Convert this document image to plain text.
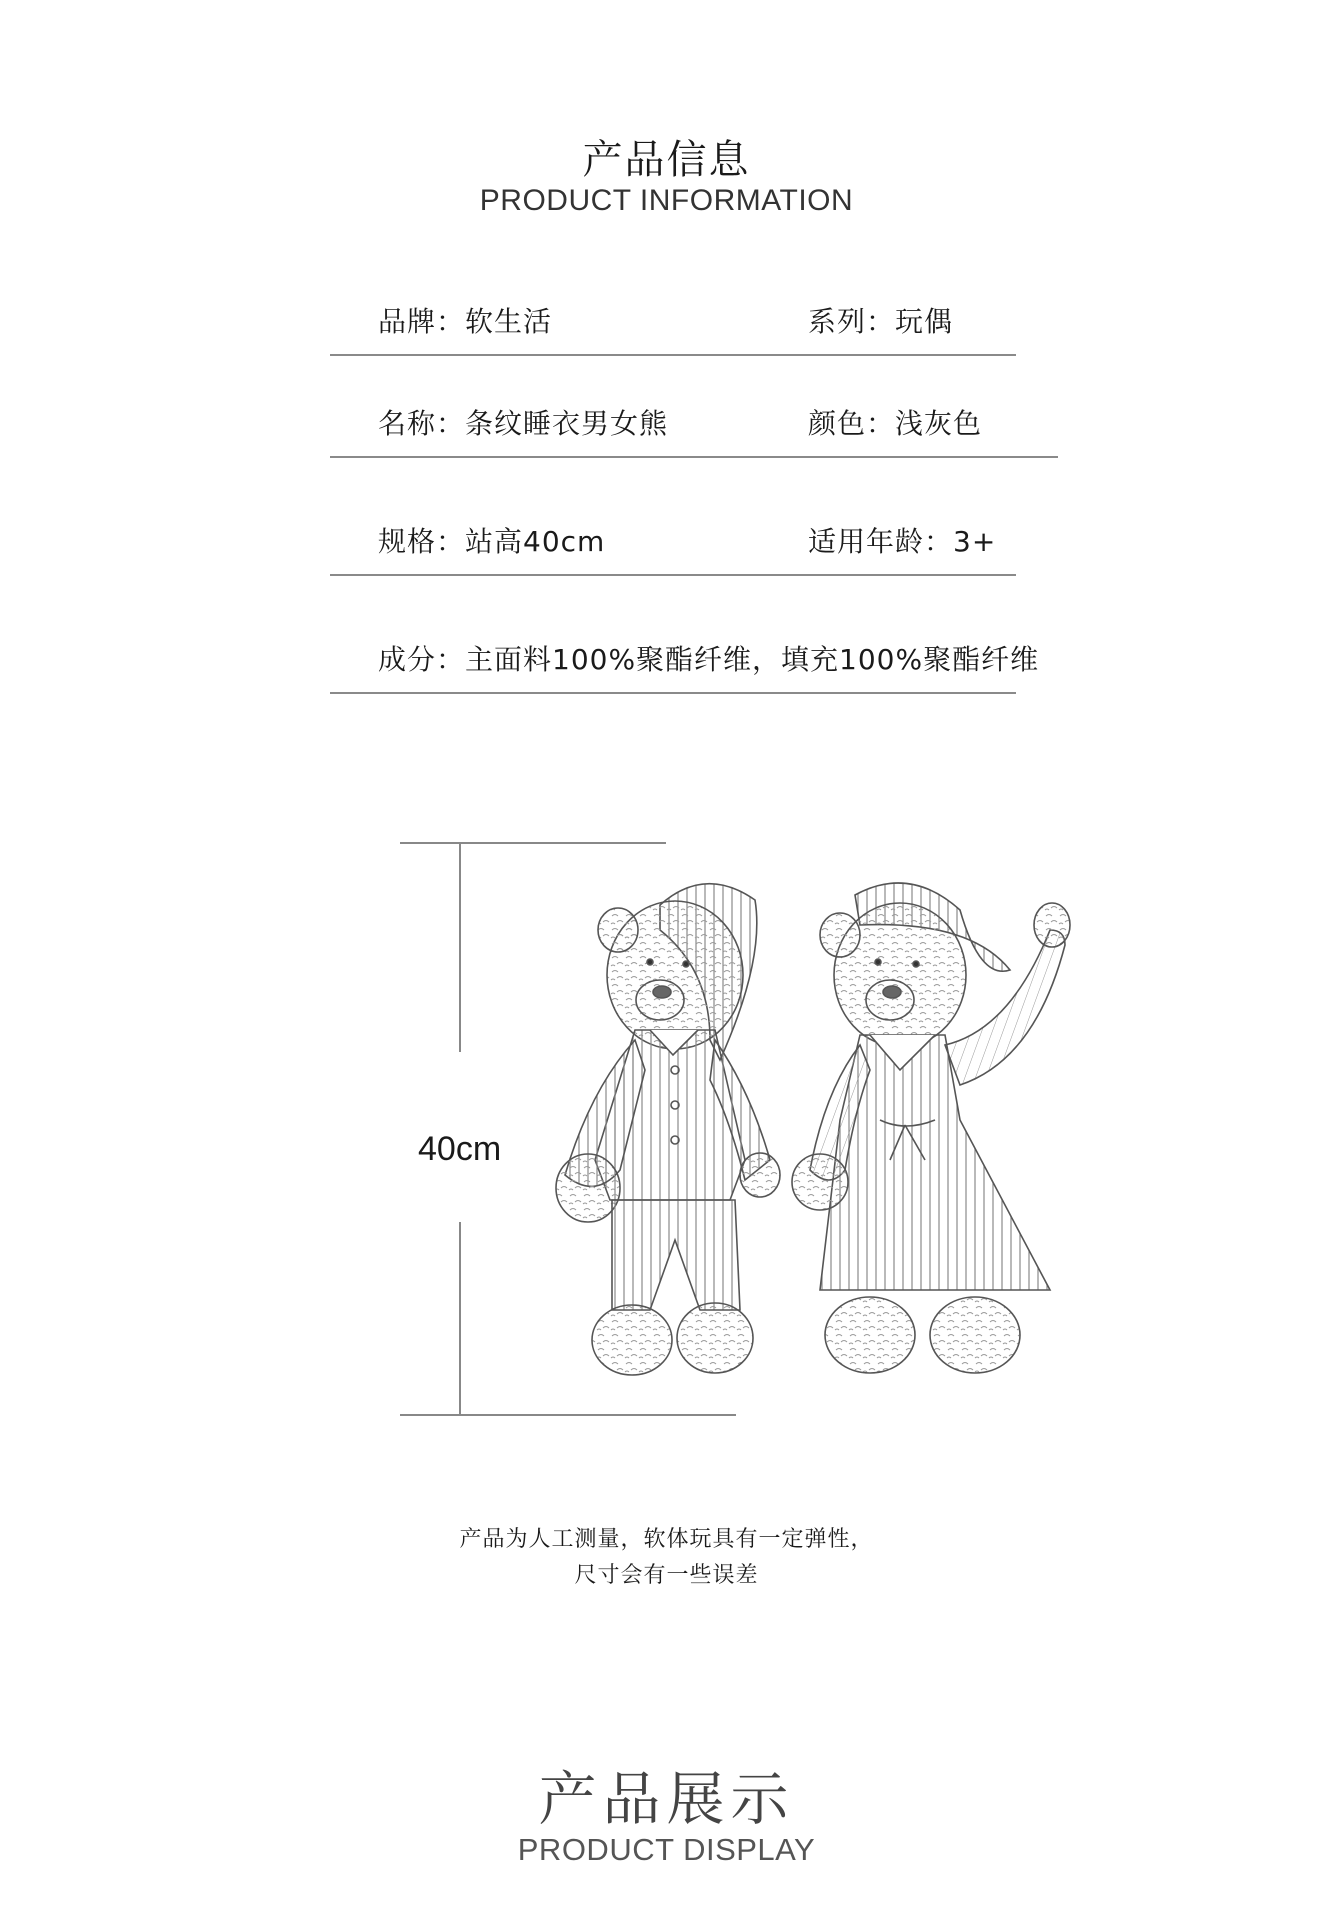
产品信息
PRODUCT INFORMATION
品牌：软生活	系列：玩偶
名称：条纹睡衣男女熊	颜色：浅灰色
规格：站高40cm	适用年龄：3+
成分：主面料100%聚酯纤维，填充100%聚酯纤维
40cm
产品为人工测量，软体玩具有一定弹性，
尺寸会有一些误差
产品展示
PRODUCT DISPLAY
